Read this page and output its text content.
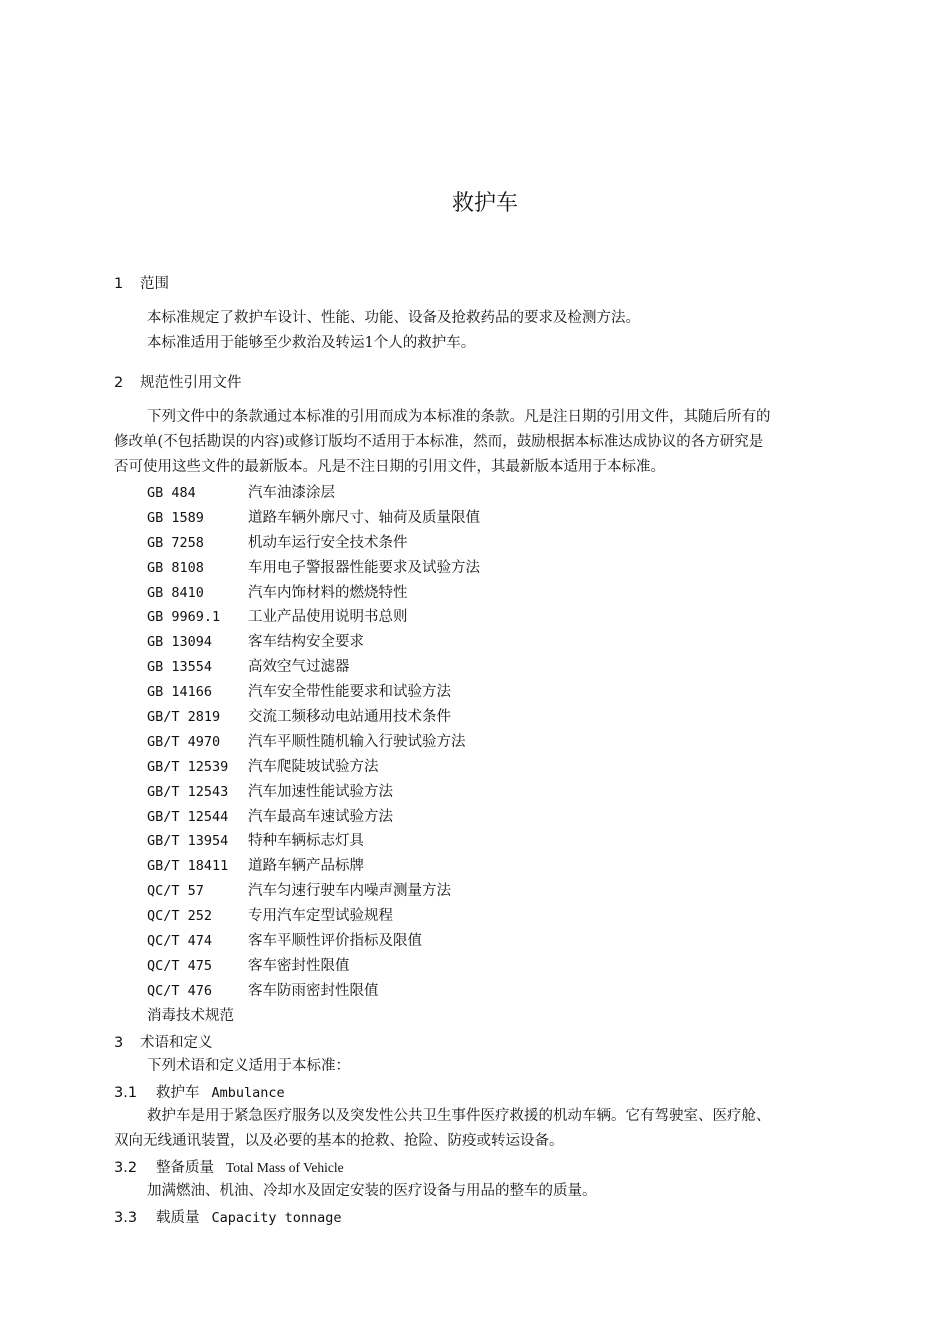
救护车
1 范围
本标准规定了救护车设计、性能、功能、设备及抢救药品的要求及检测方法。
本标准适用于能够至少救治及转运1个人的救护车。
2 规范性引用文件
下列文件中的条款通过本标准的引用而成为本标准的条款。凡是注日期的引用文件，其随后所有的
修改单(不包括勘误的内容)或修订版均不适用于本标准，然而，鼓励根据本标准达成协议的各方研究是
否可使用这些文件的最新版本。凡是不注日期的引用文件，其最新版本适用于本标准。
GB 484	汽车油漆涂层
GB 1589	道路车辆外廓尺寸、轴荷及质量限值
GB 7258	机动车运行安全技术条件
GB 8108	车用电子警报器性能要求及试验方法
GB 8410	汽车内饰材料的燃烧特性
GB 9969.1 工业产品使用说明书总则
GB 13094 客车结构安全要求
GB 13554 高效空气过滤器
GB 14166 汽车安全带性能要求和试验方法
GB/T 2819 交流工频移动电站通用技术条件
GB/T 4970 汽车平顺性随机输入行驶试验方法
GB/T 12539 汽车爬陡坡试验方法
GB/T 12543 汽车加速性能试验方法
GB/T 12544 汽车最高车速试验方法
GB/T 13954 特种车辆标志灯具
GB/T 18411 道路车辆产品标牌
QC/T 57	汽车匀速行驶车内噪声测量方法
QC/T 252 专用汽车定型试验规程
QC/T 474 客车平顺性评价指标及限值
QC/T 475 客车密封性限值
QC/T 476 客车防雨密封性限值
消毒技术规范
3 术语和定义
下列术语和定义适用于本标准：
3.1 救护车 Ambulance
救护车是用于紧急医疗服务以及突发性公共卫生事件医疗救援的机动车辆。它有驾驶室、医疗舱、
双向无线通讯装置，以及必要的基本的抢救、抢险、防疫或转运设备。
3.2 整备质量 Total Mass of Vehicle
加满燃油、机油、冷却水及固定安装的医疗设备与用品的整车的质量。
3.3 载质量 Capacity tonnage
